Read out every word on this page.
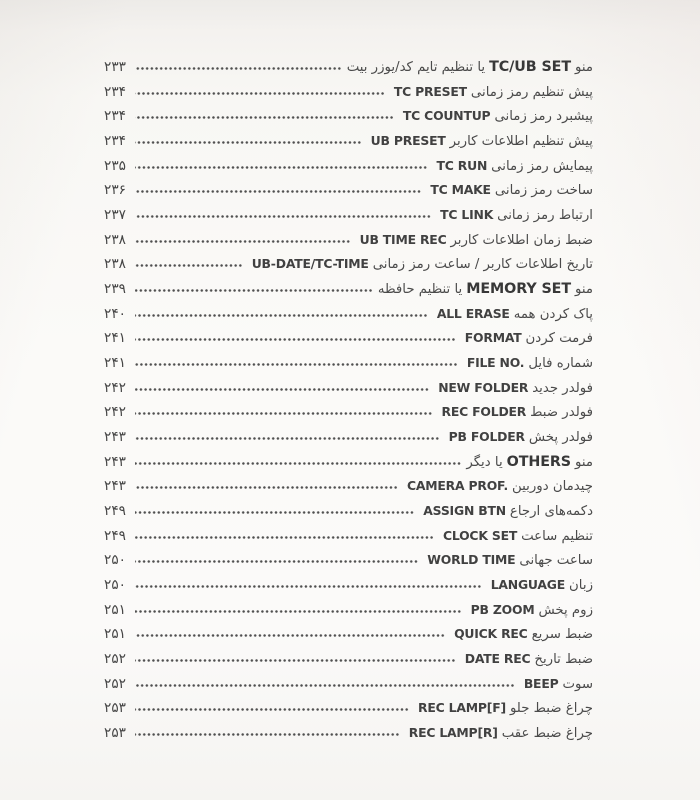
منوTC/UB SETیا تنظیم تایم کد/یوزر بیت
۲۳۳
پیش تنظیم رمز زمانیTC PRESET
۲۳۴
پیشبرد رمز زمانیTC COUNTUP
۲۳۴
پیش تنظیم اطلاعات کاربرUB PRESET
۲۳۴
پیمایش رمز زمانیTC RUN
۲۳۵
ساخت رمز زمانیTC MAKE
۲۳۶
ارتباط رمز زمانیTC LINK
۲۳۷
ضبط زمان اطلاعات کاربرUB TIME REC
۲۳۸
تاریخ اطلاعات کاربر / ساعت رمز زمانیUB-DATE/TC-TIME
۲۳۸
منوMEMORY SETیا تنظیم حافظه
۲۳۹
پاک کردن همهALL ERASE
۲۴۰
فرمت کردنFORMAT
۲۴۱
شماره فایلFILE NO.
۲۴۱
فولدر جدیدNEW FOLDER
۲۴۲
فولدر ضبطREC FOLDER
۲۴۲
فولدر پخشPB FOLDER
۲۴۳
منوOTHERSیا دیگر
۲۴۳
چیدمان دوربینCAMERA PROF.
۲۴۳
دکمه‌های ارجاعASSIGN BTN
۲۴۹
تنظیم ساعتCLOCK SET
۲۴۹
ساعت جهانیWORLD TIME
۲۵۰
زبانLANGUAGE
۲۵۰
زوم پخشPB ZOOM
۲۵۱
ضبط سریعQUICK REC
۲۵۱
ضبط تاریخDATE REC
۲۵۲
سوتBEEP
۲۵۲
چراغ ضبط جلوREC LAMP[F]
۲۵۳
چراغ ضبط عقبREC LAMP[R]
۲۵۳
